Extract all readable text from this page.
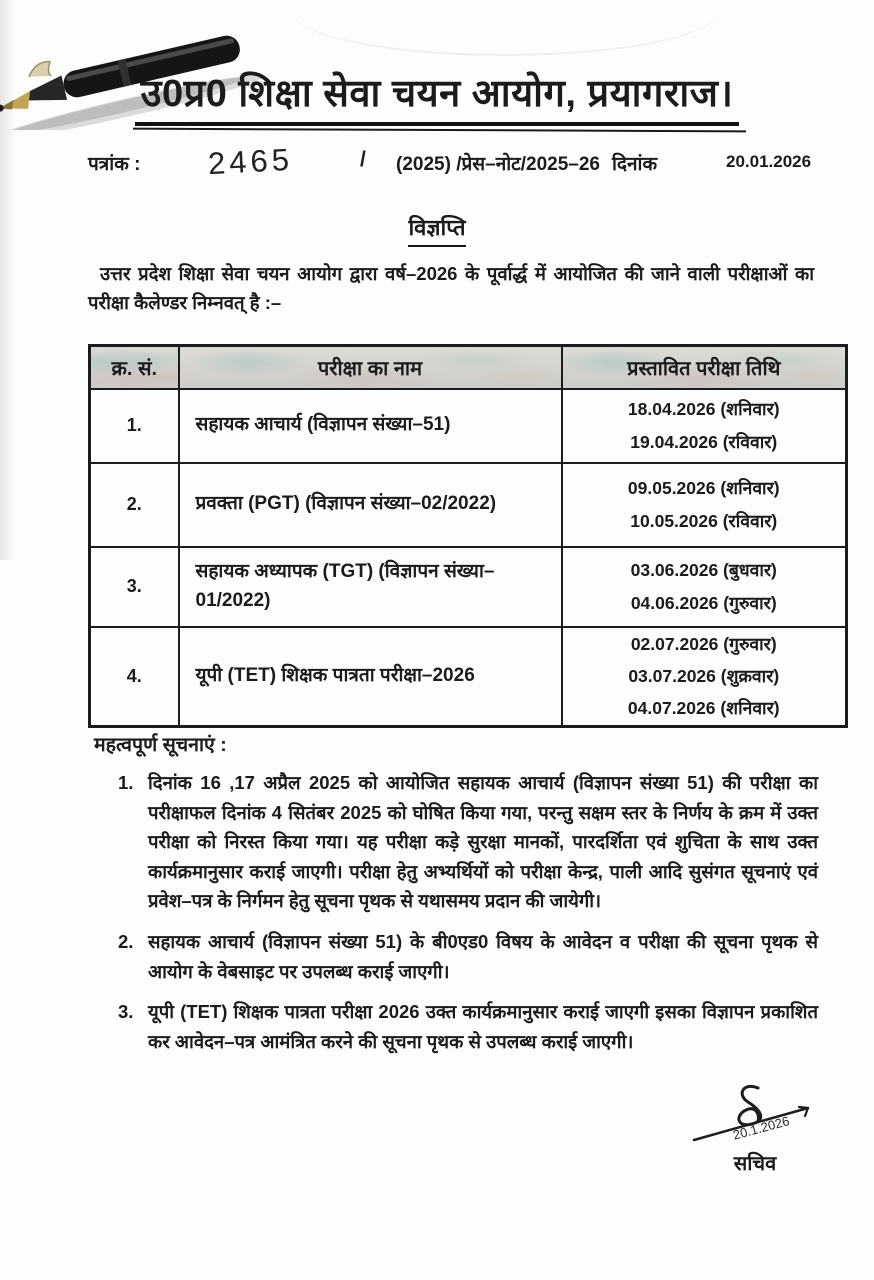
उ0प्र0 शिक्षा सेवा चयन आयोग, प्रयागराज।
पत्रांक : 2465	/ (2025) /प्रेस–नोट/2025–26 दिनांक	20.01.2026
विज्ञप्ति

उत्तर प्रदेश शिक्षा सेवा चयन आयोग द्वारा वर्ष–2026 के पूर्वार्द्ध में आयोजित की जाने वाली परीक्षाओं का परीक्षा कैलेण्डर निम्नवत् है :–

क्र. सं.	परीक्षा का नाम	प्रस्तावित परीक्षा तिथि
1.	सहायक आचार्य (विज्ञापन संख्या–51)	18.04.2026 (शनिवार)
19.04.2026 (रविवार)

2.	प्रवक्ता (PGT) (विज्ञापन संख्या–02/2022)	09.05.2026 (शनिवार)
10.05.2026 (रविवार)

3.	सहायक अध्यापक (TGT) (विज्ञापन संख्या–01/2022)	03.06.2026 (बुधवार)
04.06.2026 (गुरुवार)

4.	यूपी (TET) शिक्षक पात्रता परीक्षा–2026	02.07.2026 (गुरुवार)
03.07.2026 (शुक्रवार)
04.07.2026 (शनिवार)
महत्वपूर्ण सूचनाएं :
1. दिनांक 16 ,17 अप्रैल 2025 को आयोजित सहायक आचार्य (विज्ञापन संख्या 51) की परीक्षा का परीक्षाफल दिनांक 4 सितंबर 2025 को घोषित किया गया, परन्तु सक्षम स्तर के निर्णय के क्रम में उक्त परीक्षा को निरस्त किया गया। यह परीक्षा कड़े सुरक्षा मानकों, पारदर्शिता एवं शुचिता के साथ उक्त कार्यक्रमानुसार कराई जाएगी। परीक्षा हेतु अभ्यर्थियों को परीक्षा केन्द्र, पाली आदि सुसंगत सूचनाएं एवं प्रवेश–पत्र के निर्गमन हेतु सूचना पृथक से यथासमय प्रदान की जायेगी।
2. सहायक आचार्य (विज्ञापन संख्या 51) के बी0एड0 विषय के आवेदन व परीक्षा की सूचना पृथक से आयोग के वेबसाइट पर उपलब्ध कराई जाएगी।
3. यूपी (TET) शिक्षक पात्रता परीक्षा 2026 उक्त कार्यक्रमानुसार कराई जाएगी इसका विज्ञापन प्रकाशित कर आवेदन–पत्र आमंत्रित करने की सूचना पृथक से उपलब्ध कराई जाएगी।
20.1.2026
सचिव
